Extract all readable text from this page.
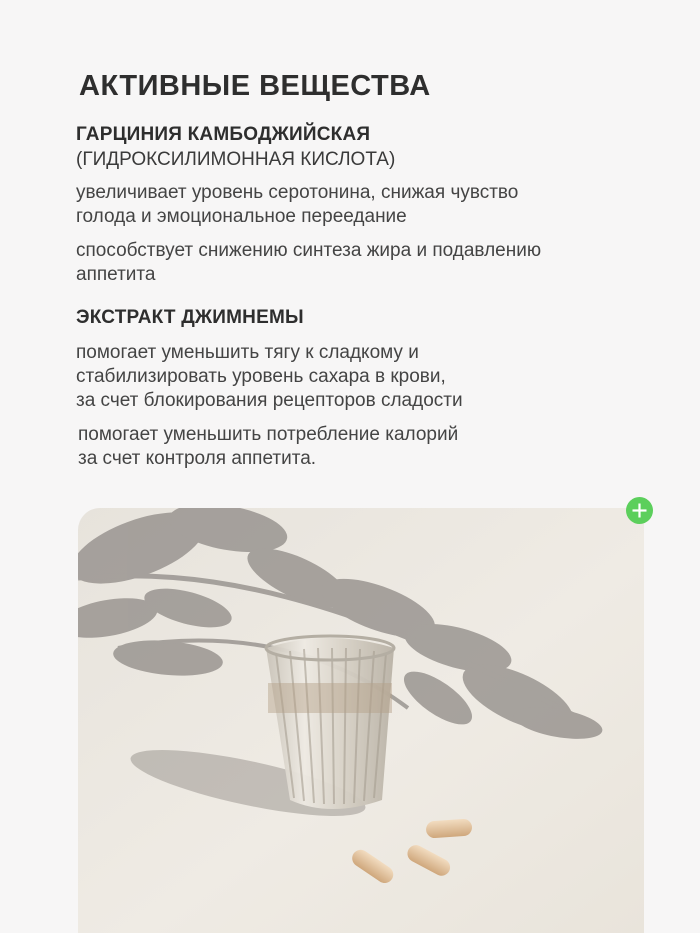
АКТИВНЫЕ ВЕЩЕСТВА
ГАРЦИНИЯ КАМБОДЖИЙСКАЯ
(ГИДРОКСИЛИМОННАЯ КИСЛОТА)
увеличивает уровень серотонина, снижая чувство
голода и эмоциональное переедание
способствует снижению синтеза жира и подавлению
аппетита
ЭКСТРАКТ ДЖИМНЕМЫ
помогает уменьшить тягу к сладкому и
стабилизировать уровень сахара в крови,
за счет блокирования рецепторов сладости
помогает уменьшить потребление калорий
за счет контроля аппетита.
